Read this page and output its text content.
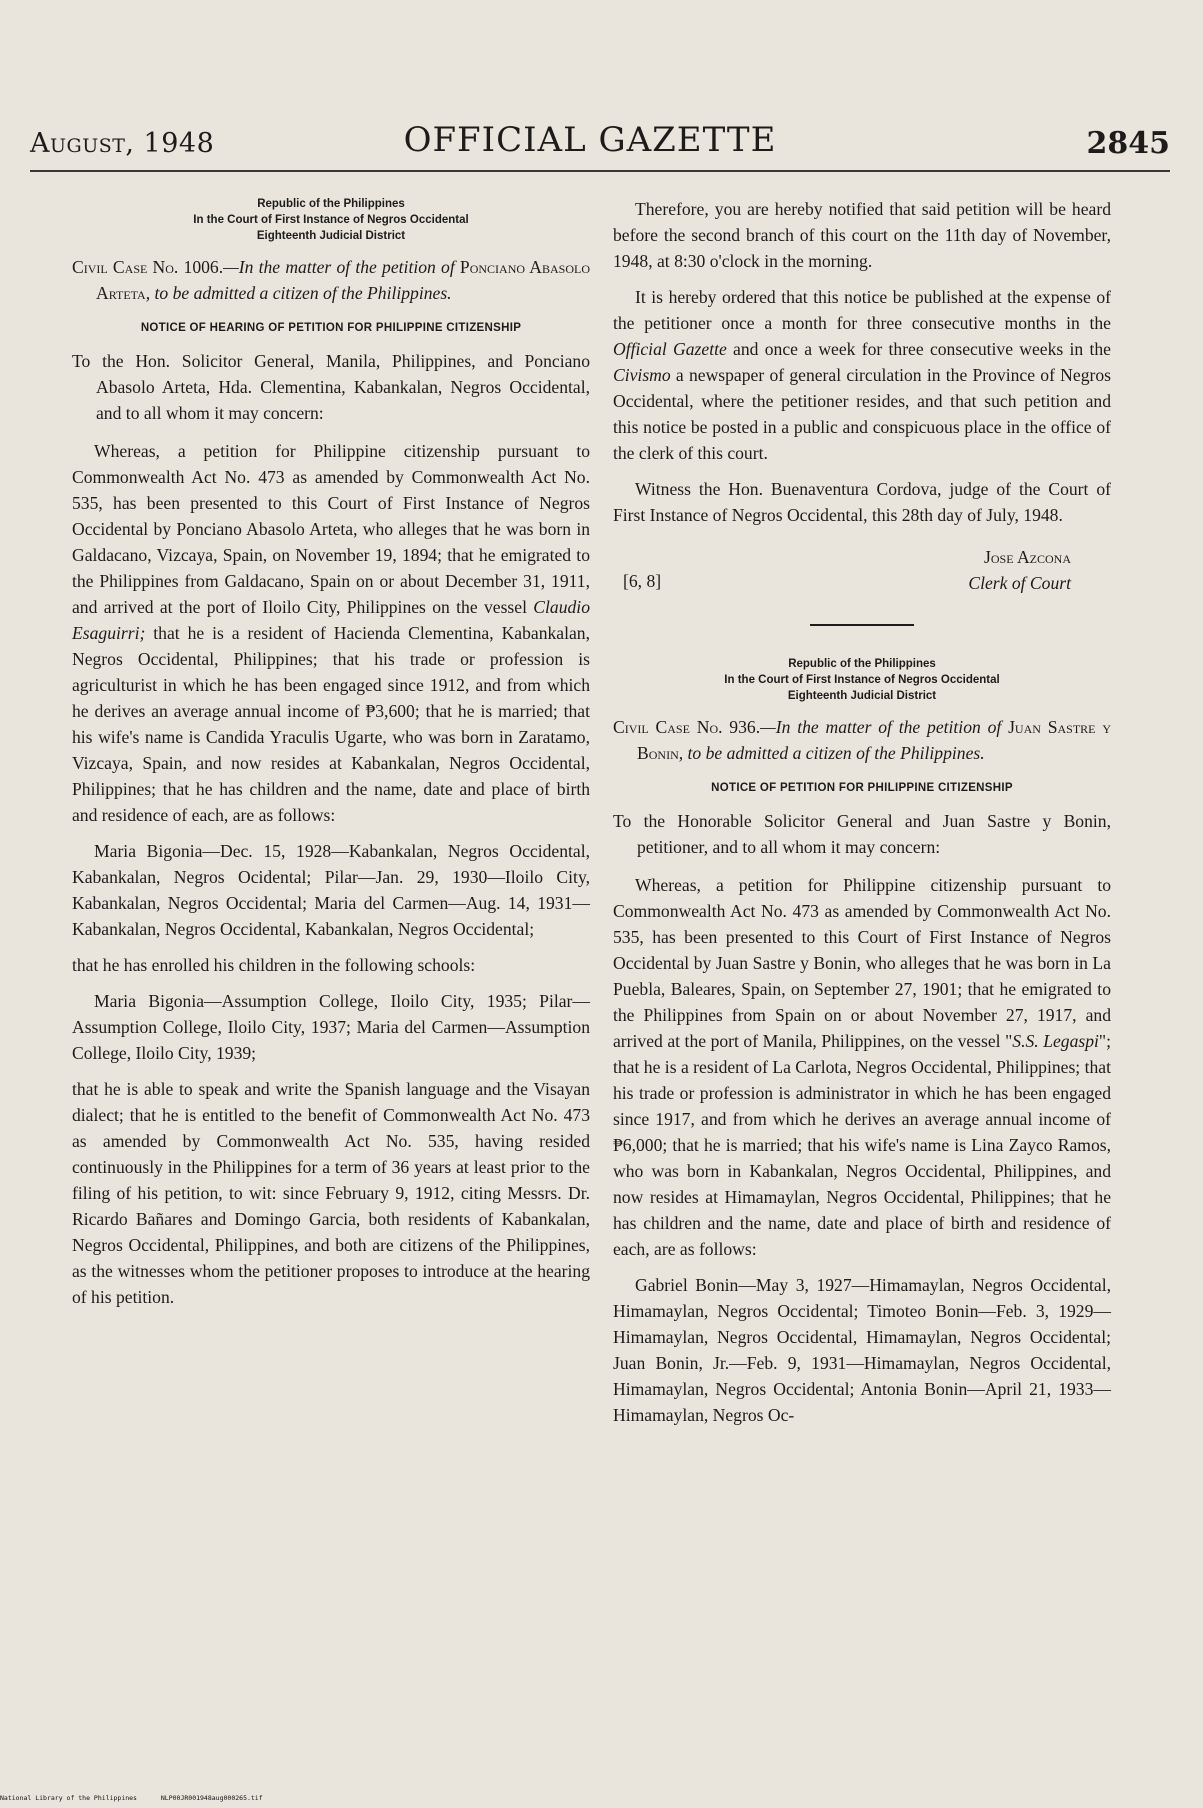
August, 1948	OFFICIAL GAZETTE	2845
Republic of the Philippines
In the Court of First Instance of Negros Occidental
Eighteenth Judicial District
Civil Case No. 1006.—In the matter of the petition of Ponciano Abasolo Arteta, to be admitted a citizen of the Philippines.
NOTICE OF HEARING OF PETITION FOR PHILIPPINE CITIZENSHIP
To the Hon. Solicitor General, Manila, Philippines, and Ponciano Abasolo Arteta, Hda. Clementina, Kabankalan, Negros Occidental, and to all whom it may concern:

Whereas, a petition for Philippine citizenship pursuant to Commonwealth Act No. 473 as amended by Commonwealth Act No. 535, has been presented to this Court of First Instance of Negros Occidental by Ponciano Abasolo Arteta, who alleges that he was born in Galdacano, Vizcaya, Spain, on November 19, 1894; that he emigrated to the Philippines from Galdacano, Spain on or about December 31, 1911, and arrived at the port of Iloilo City, Philippines on the vessel Claudio Esaguirri; that he is a resident of Hacienda Clementina, Kabankalan, Negros Occidental, Philippines; that his trade or profession is agriculturist in which he has been engaged since 1912, and from which he derives an average annual income of ₱3,600; that he is married; that his wife's name is Candida Yraculis Ugarte, who was born in Zaratamo, Vizcaya, Spain, and now resides at Kabankalan, Negros Occidental, Philippines; that he has children and the name, date and place of birth and residence of each, are as follows:

Maria Bigonia—Dec. 15, 1928—Kabankalan, Negros Occidental, Kabankalan, Negros Ocidental; Pilar—Jan. 29, 1930—Iloilo City, Kabankalan, Negros Occidental; Maria del Carmen—Aug. 14, 1931—Kabankalan, Negros Occidental, Kabankalan, Negros Occidental;

that he has enrolled his children in the following schools:

Maria Bigonia—Assumption College, Iloilo City, 1935; Pilar—Assumption College, Iloilo City, 1937; Maria del Carmen—Assumption College, Iloilo City, 1939;

that he is able to speak and write the Spanish language and the Visayan dialect; that he is entitled to the benefit of Commonwealth Act No. 473 as amended by Commonwealth Act No. 535, having resided continuously in the Philippines for a term of 36 years at least prior to the filing of his petition, to wit: since February 9, 1912, citing Messrs. Dr. Ricardo Bañares and Domingo Garcia, both residents of Kabankalan, Negros Occidental, Philippines, and both are citizens of the Philippines, as the witnesses whom the petitioner proposes to introduce at the hearing of his petition.

Therefore, you are hereby notified that said petition will be heard before the second branch of this court on the 11th day of November, 1948, at 8:30 o'clock in the morning.

It is hereby ordered that this notice be published at the expense of the petitioner once a month for three consecutive months in the Official Gazette and once a week for three consecutive weeks in the Civismo a newspaper of general circulation in the Province of Negros Occidental, where the petitioner resides, and that such petition and this notice be posted in a public and conspicuous place in the office of the clerk of this court.

Witness the Hon. Buenaventura Cordova, judge of the Court of First Instance of Negros Occidental, this 28th day of July, 1948.

Jose Azcona
Clerk of Court
[6, 8]
Republic of the Philippines
In the Court of First Instance of Negros Occidental
Eighteenth Judicial District
Civil Case No. 936.—In the matter of the petition of Juan Sastre y Bonin, to be admitted a citizen of the Philippines.
NOTICE OF PETITION FOR PHILIPPINE CITIZENSHIP
To the Honorable Solicitor General and Juan Sastre y Bonin, petitioner, and to all whom it may concern:

Whereas, a petition for Philippine citizenship pursuant to Commonwealth Act No. 473 as amended by Commonwealth Act No. 535, has been presented to this Court of First Instance of Negros Occidental by Juan Sastre y Bonin, who alleges that he was born in La Puebla, Baleares, Spain, on September 27, 1901; that he emigrated to the Philippines from Spain on or about November 27, 1917, and arrived at the port of Manila, Philippines, on the vessel "S.S. Legaspi"; that he is a resident of La Carlota, Negros Occidental, Philippines; that his trade or profession is administrator in which he has been engaged since 1917, and from which he derives an average annual income of ₱6,000; that he is married; that his wife's name is Lina Zayco Ramos, who was born in Kabankalan, Negros Occidental, Philippines, and now resides at Himamaylan, Negros Occidental, Philippines; that he has children and the name, date and place of birth and residence of each, are as follows:

Gabriel Bonin—May 3, 1927—Himamaylan, Negros Occidental, Himamaylan, Negros Occidental; Timoteo Bonin—Feb. 3, 1929—Himamaylan, Negros Occidental, Himamaylan, Negros Occidental; Juan Bonin, Jr.—Feb. 9, 1931—Himamaylan, Negros Occidental, Himamaylan, Negros Occidental; Antonia Bonin—April 21, 1933—Himamaylan, Negros Oc-

National Library of the Philippines	NLP00JR001948aug000265.tif
